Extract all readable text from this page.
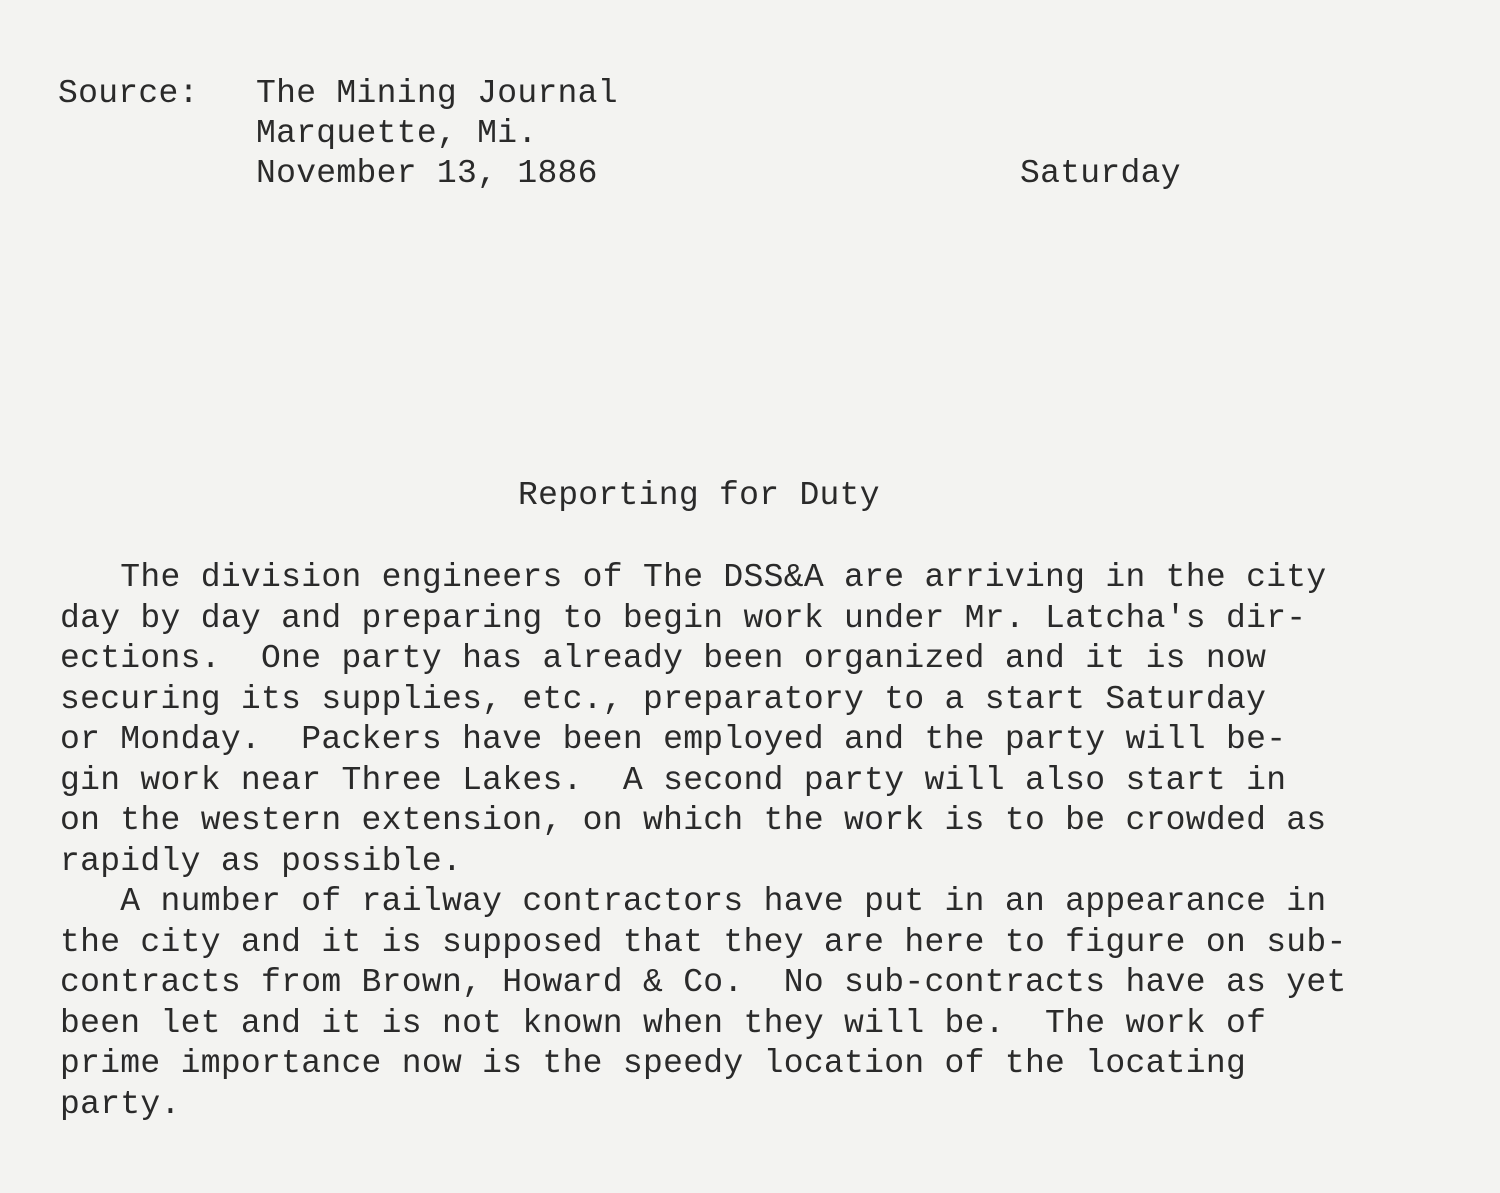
Source: The Mining Journal
Marquette, Mi.
November 13, 1886	Saturday
Reporting for Duty
The division engineers of The DSS&A are arriving in the city
day by day and preparing to begin work under Mr. Latcha's dir-
ections.  One party has already been organized and it is now
securing its supplies, etc., preparatory to a start Saturday
or Monday.  Packers have been employed and the party will be-
gin work near Three Lakes.  A second party will also start in
on the western extension, on which the work is to be crowded as
rapidly as possible.
A number of railway contractors have put in an appearance in
the city and it is supposed that they are here to figure on sub-
contracts from Brown, Howard & Co.  No sub-contracts have as yet
been let and it is not known when they will be.  The work of
prime importance now is the speedy location of the locating
party.
